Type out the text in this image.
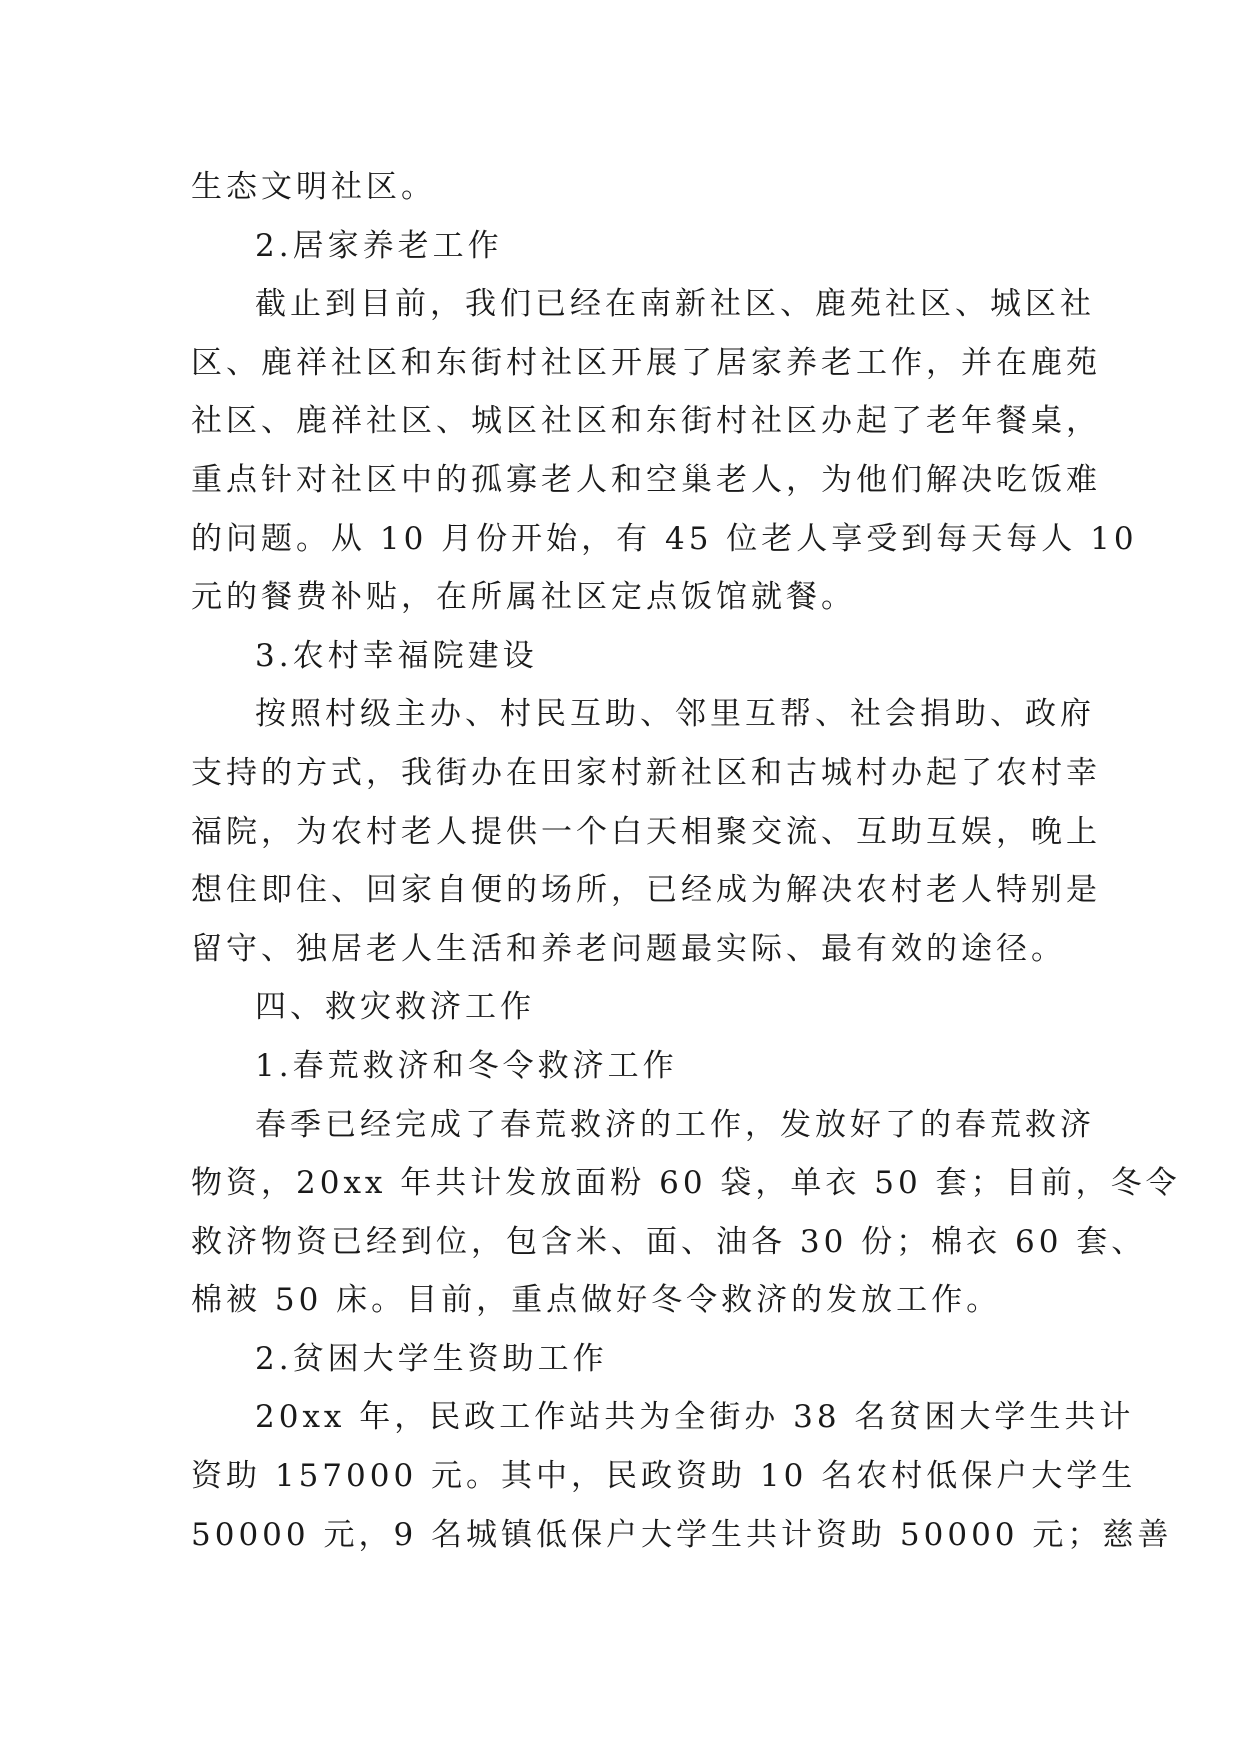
生态文明社区。
2.居家养老工作
截止到目前，我们已经在南新社区、鹿苑社区、城区社
区、鹿祥社区和东街村社区开展了居家养老工作，并在鹿苑
社区、鹿祥社区、城区社区和东街村社区办起了老年餐桌，
重点针对社区中的孤寡老人和空巢老人，为他们解决吃饭难
的问题。从 10 月份开始，有 45 位老人享受到每天每人 10
元的餐费补贴，在所属社区定点饭馆就餐。
3.农村幸福院建设
按照村级主办、村民互助、邻里互帮、社会捐助、政府
支持的方式，我街办在田家村新社区和古城村办起了农村幸
福院，为农村老人提供一个白天相聚交流、互助互娱，晚上
想住即住、回家自便的场所，已经成为解决农村老人特别是
留守、独居老人生活和养老问题最实际、最有效的途径。
四、救灾救济工作
1.春荒救济和冬令救济工作
春季已经完成了春荒救济的工作，发放好了的春荒救济
物资，20xx 年共计发放面粉 60 袋，单衣 50 套；目前，冬令
救济物资已经到位，包含米、面、油各 30 份；棉衣 60 套、
棉被 50 床。目前，重点做好冬令救济的发放工作。
2.贫困大学生资助工作
20xx 年，民政工作站共为全街办 38 名贫困大学生共计
资助 157000 元。其中，民政资助 10 名农村低保户大学生
50000 元，9 名城镇低保户大学生共计资助 50000 元；慈善
